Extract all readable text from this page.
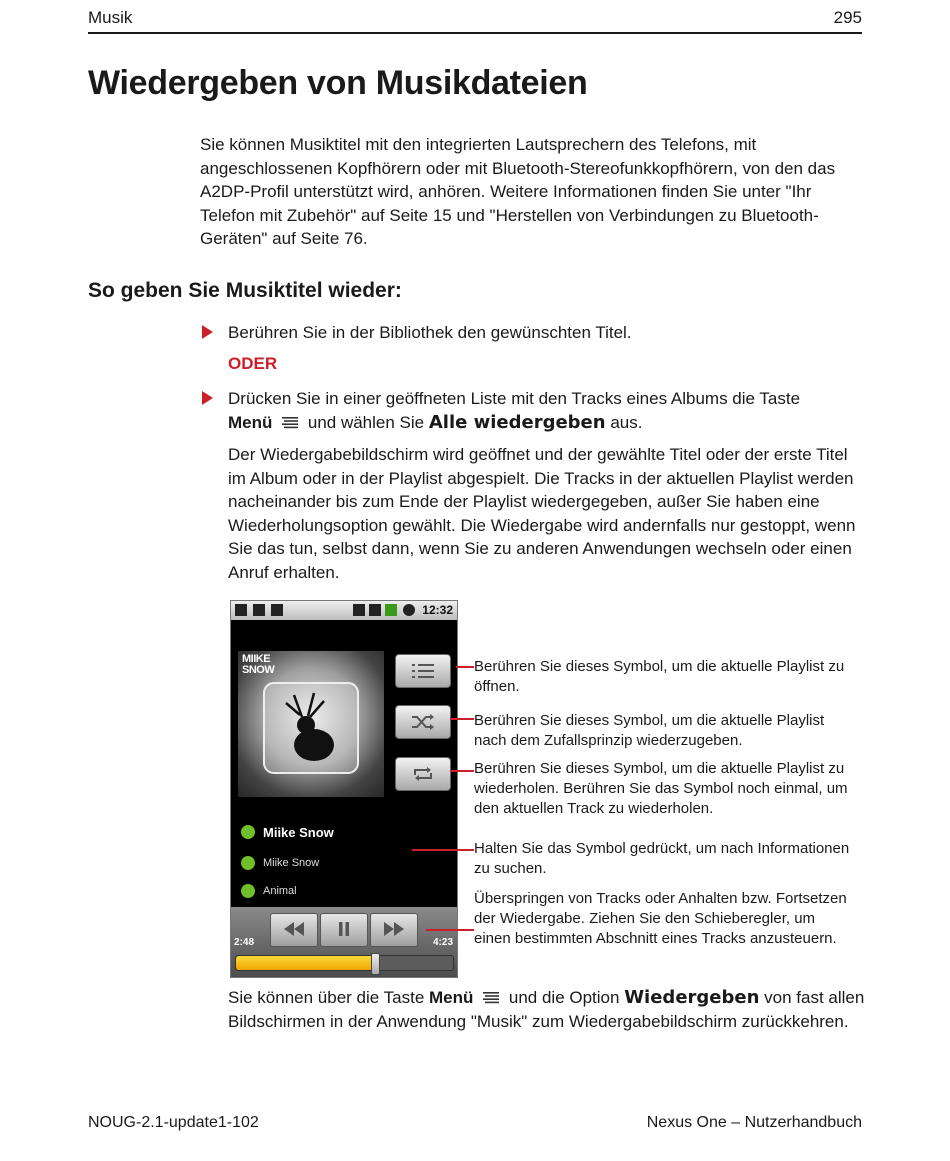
Musik	295
Wiedergeben von Musikdateien
Sie können Musiktitel mit den integrierten Lautsprechern des Telefons, mit angeschlossenen Kopfhörern oder mit Bluetooth-Stereofunkkopfhörern, von den das A2DP-Profil unterstützt wird, anhören. Weitere Informationen finden Sie unter "Ihr Telefon mit Zubehör" auf Seite 15 und "Herstellen von Verbindungen zu Bluetooth-Geräten" auf Seite 76.
So geben Sie Musiktitel wieder:
Berühren Sie in der Bibliothek den gewünschten Titel.
ODER
Drücken Sie in einer geöffneten Liste mit den Tracks eines Albums die Taste
Menü und wählen Sie Alle wiedergeben aus.
Der Wiedergabebildschirm wird geöffnet und der gewählte Titel oder der erste Titel im Album oder in der Playlist abgespielt. Die Tracks in der aktuellen Playlist werden nacheinander bis zum Ende der Playlist wiedergegeben, außer Sie haben eine Wiederholungsoption gewählt. Die Wiedergabe wird andernfalls nur gestoppt, wenn Sie das tun, selbst dann, wenn Sie zu anderen Anwendungen wechseln oder einen Anruf erhalten.
12:32
MIIKE SNOW
Miike Snow
Miike Snow
Animal
2:48	4:23
Berühren Sie dieses Symbol, um die aktuelle Playlist zu öffnen.
Berühren Sie dieses Symbol, um die aktuelle Playlist nach dem Zufallsprinzip wiederzugeben.
Berühren Sie dieses Symbol, um die aktuelle Playlist zu wiederholen. Berühren Sie das Symbol noch einmal, um den aktuellen Track zu wiederholen.
Halten Sie das Symbol gedrückt, um nach Informationen zu suchen.
Überspringen von Tracks oder Anhalten bzw. Fortsetzen der Wiedergabe. Ziehen Sie den Schieberegler, um einen bestimmten Abschnitt eines Tracks anzusteuern.
Sie können über die Taste Menü und die Option Wiedergeben von fast allen Bildschirmen in der Anwendung "Musik" zum Wiedergabebildschirm zurückkehren.
NOUG-2.1-update1-102	Nexus One – Nutzerhandbuch
